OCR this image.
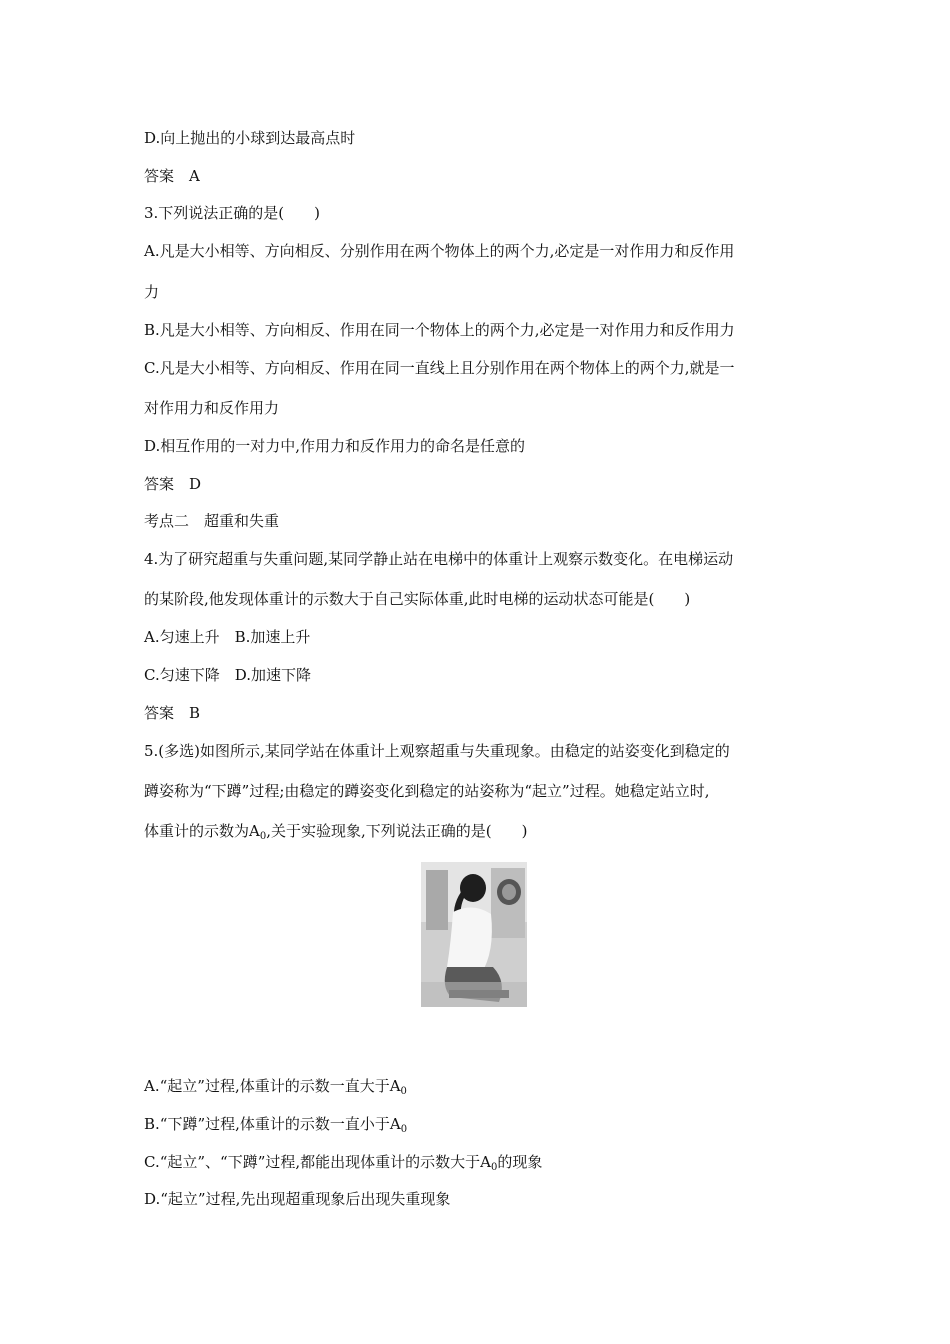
D.向上抛出的小球到达最高点时
答案　A
3.下列说法正确的是(　　)
A.凡是大小相等、方向相反、分别作用在两个物体上的两个力,必定是一对作用力和反作用
力
B.凡是大小相等、方向相反、作用在同一个物体上的两个力,必定是一对作用力和反作用力
C.凡是大小相等、方向相反、作用在同一直线上且分别作用在两个物体上的两个力,就是一
对作用力和反作用力
D.相互作用的一对力中,作用力和反作用力的命名是任意的
答案　D
考点二　超重和失重
4.为了研究超重与失重问题,某同学静止站在电梯中的体重计上观察示数变化。在电梯运动
的某阶段,他发现体重计的示数大于自己实际体重,此时电梯的运动状态可能是(　　)
A.匀速上升　B.加速上升
C.匀速下降　D.加速下降
答案　B
5.(多选)如图所示,某同学站在体重计上观察超重与失重现象。由稳定的站姿变化到稳定的
蹲姿称为“下蹲”过程;由稳定的蹲姿变化到稳定的站姿称为“起立”过程。她稳定站立时,
体重计的示数为$A_0$,关于实验现象,下列说法正确的是(　　)
A.“起立”过程,体重计的示数一直大于$A_0$
B.“下蹲”过程,体重计的示数一直小于$A_0$
C.“起立”、“下蹲”过程,都能出现体重计的示数大于$A_0$的现象
D.“起立”过程,先出现超重现象后出现失重现象
